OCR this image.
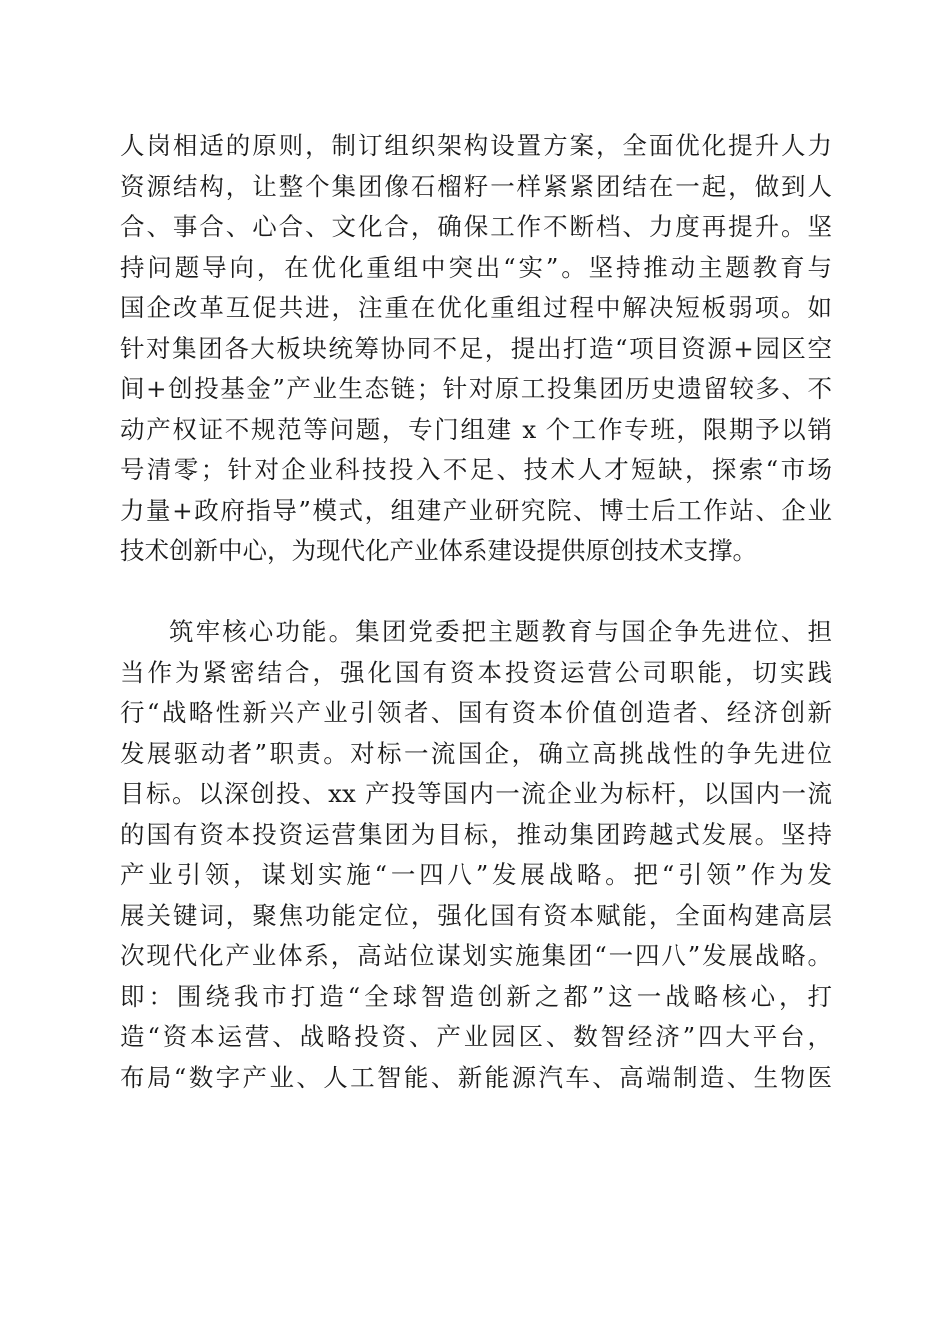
人岗相适的原则，制订组织架构设置方案，全面优化提升人力
资源结构，让整个集团像石榴籽一样紧紧团结在一起，做到人
合、事合、心合、文化合，确保工作不断档、力度再提升。坚
持问题导向，在优化重组中突出“实”。坚持推动主题教育与
国企改革互促共进，注重在优化重组过程中解决短板弱项。如
针对集团各大板块统筹协同不足，提出打造“项目资源+园区空
间+创投基金”产业生态链；针对原工投集团历史遗留较多、不
动产权证不规范等问题，专门组建 x 个工作专班，限期予以销
号清零；针对企业科技投入不足、技术人才短缺，探索“市场
力量+政府指导”模式，组建产业研究院、博士后工作站、企业
技术创新中心，为现代化产业体系建设提供原创技术支撑。
筑牢核心功能。集团党委把主题教育与国企争先进位、担
当作为紧密结合，强化国有资本投资运营公司职能，切实践
行“战略性新兴产业引领者、国有资本价值创造者、经济创新
发展驱动者”职责。对标一流国企，确立高挑战性的争先进位
目标。以深创投、xx 产投等国内一流企业为标杆，以国内一流
的国有资本投资运营集团为目标，推动集团跨越式发展。坚持
产业引领，谋划实施“一四八”发展战略。把“引领”作为发
展关键词，聚焦功能定位，强化国有资本赋能，全面构建高层
次现代化产业体系，高站位谋划实施集团“一四八”发展战略。
即：围绕我市打造“全球智造创新之都”这一战略核心，打
造“资本运营、战略投资、产业园区、数智经济”四大平台，
布局“数字产业、人工智能、新能源汽车、高端制造、生物医
